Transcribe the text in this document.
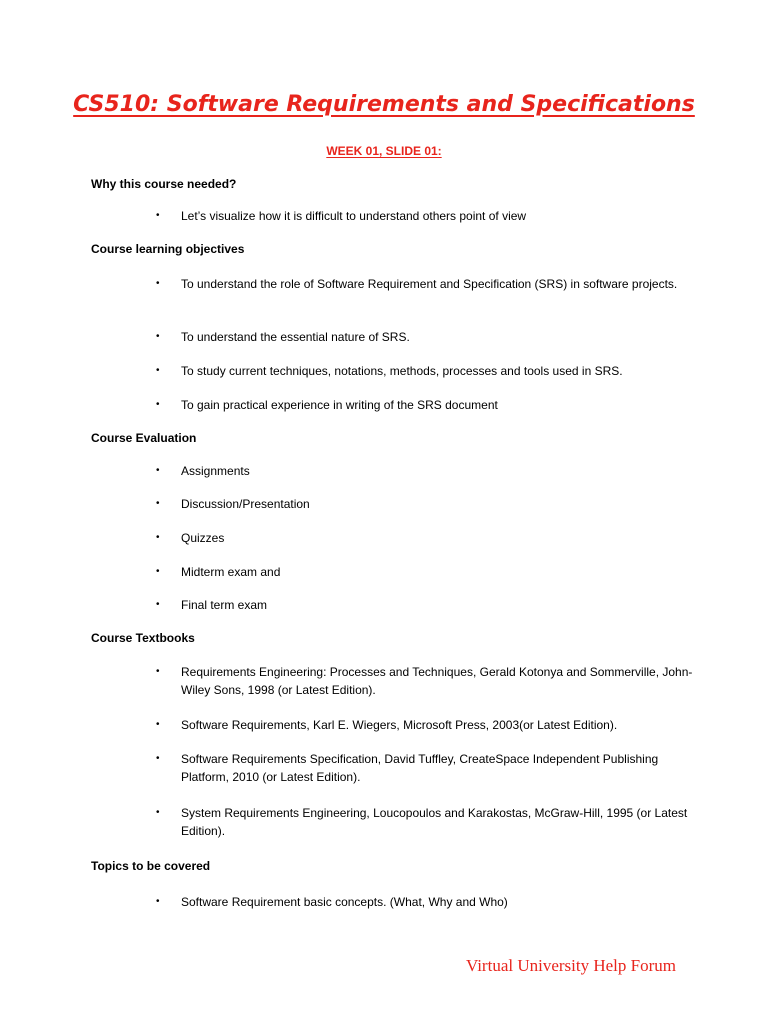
CS510: Software Requirements and Specifications
WEEK 01, SLIDE 01:
Why this course needed?
• Let’s visualize how it is difficult to understand others point of view
Course learning objectives
• To understand the role of Software Requirement and Specification (SRS) in software projects.
• To understand the essential nature of SRS.
• To study current techniques, notations, methods, processes and tools used in SRS.
• To gain practical experience in writing of the SRS document
Course Evaluation
• Assignments
• Discussion/Presentation
• Quizzes
• Midterm exam and
• Final term exam
Course Textbooks
• Requirements Engineering: Processes and Techniques, Gerald Kotonya and Sommerville, John-Wiley Sons, 1998 (or Latest Edition).
• Software Requirements, Karl E. Wiegers, Microsoft Press, 2003(or Latest Edition).
• Software Requirements Specification, David Tuffley, CreateSpace Independent Publishing Platform, 2010 (or Latest Edition).
• System Requirements Engineering, Loucopoulos and Karakostas, McGraw-Hill, 1995 (or Latest Edition).
Topics to be covered
• Software Requirement basic concepts. (What, Why and Who)
Virtual University Help Forum
